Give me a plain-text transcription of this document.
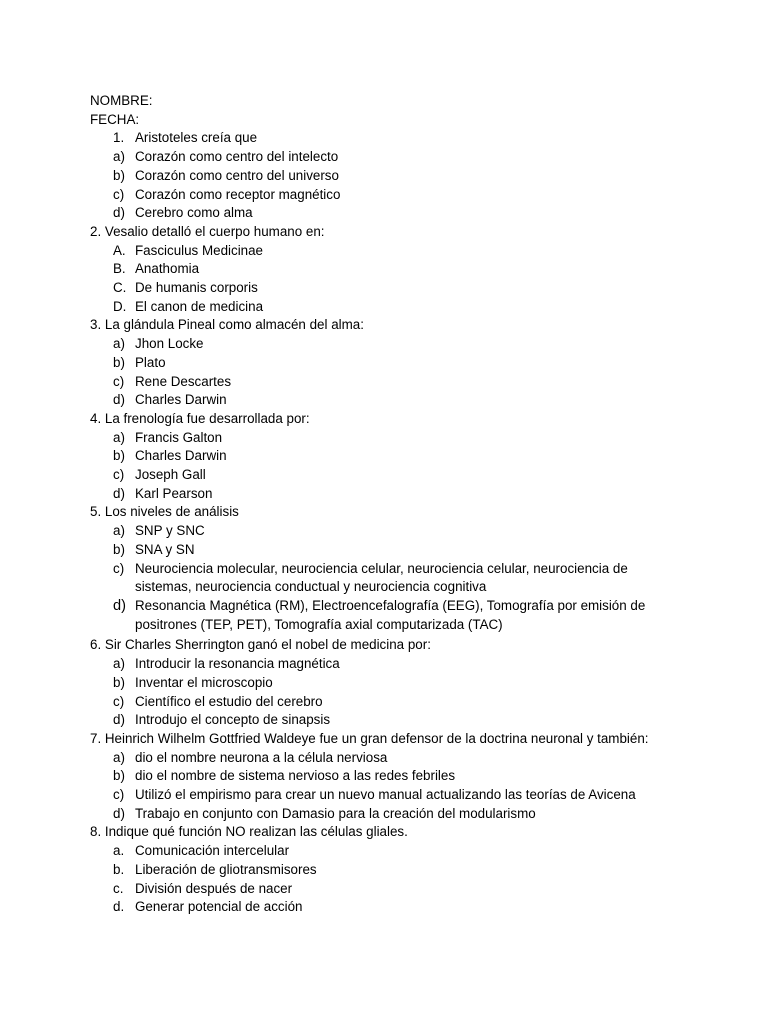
NOMBRE:
FECHA:
1. Aristoteles creía que
a) Corazón como centro del intelecto
b) Corazón como centro del universo
c) Corazón como receptor magnético
d) Cerebro como alma
2. Vesalio detalló el cuerpo humano en:
A. Fasciculus Medicinae
B. Anathomia
C. De humanis corporis
D. El canon de medicina
3. La glándula Pineal como almacén del alma:
a) Jhon Locke
b) Plato
c) Rene Descartes
d) Charles Darwin
4. La frenología fue desarrollada por:
a) Francis Galton
b) Charles Darwin
c) Joseph Gall
d) Karl Pearson
5. Los niveles de análisis
a) SNP y SNC
b) SNA y SN
c) Neurociencia molecular, neurociencia celular, neurociencia celular, neurociencia de sistemas, neurociencia conductual y neurociencia cognitiva
d) Resonancia Magnética (RM), Electroencefalografía (EEG), Tomografía por emisión de positrones (TEP, PET), Tomografía axial computarizada (TAC)
6. Sir Charles Sherrington ganó el nobel de medicina por:
a) Introducir la resonancia magnética
b) Inventar el microscopio
c) Científico el estudio del cerebro
d) Introdujo el concepto de sinapsis
7. Heinrich Wilhelm Gottfried Waldeye fue un gran defensor de la doctrina neuronal y también:
a) dio el nombre neurona a la célula nerviosa
b) dio el nombre de sistema nervioso a las redes febriles
c) Utilizó el empirismo para crear un nuevo manual actualizando las teorías de Avicena
d) Trabajo en conjunto con Damasio para la creación del modularismo
8. Indique qué función NO realizan las células gliales.
a. Comunicación intercelular
b. Liberación de gliotransmisores
c. División después de nacer
d. Generar potencial de acción
